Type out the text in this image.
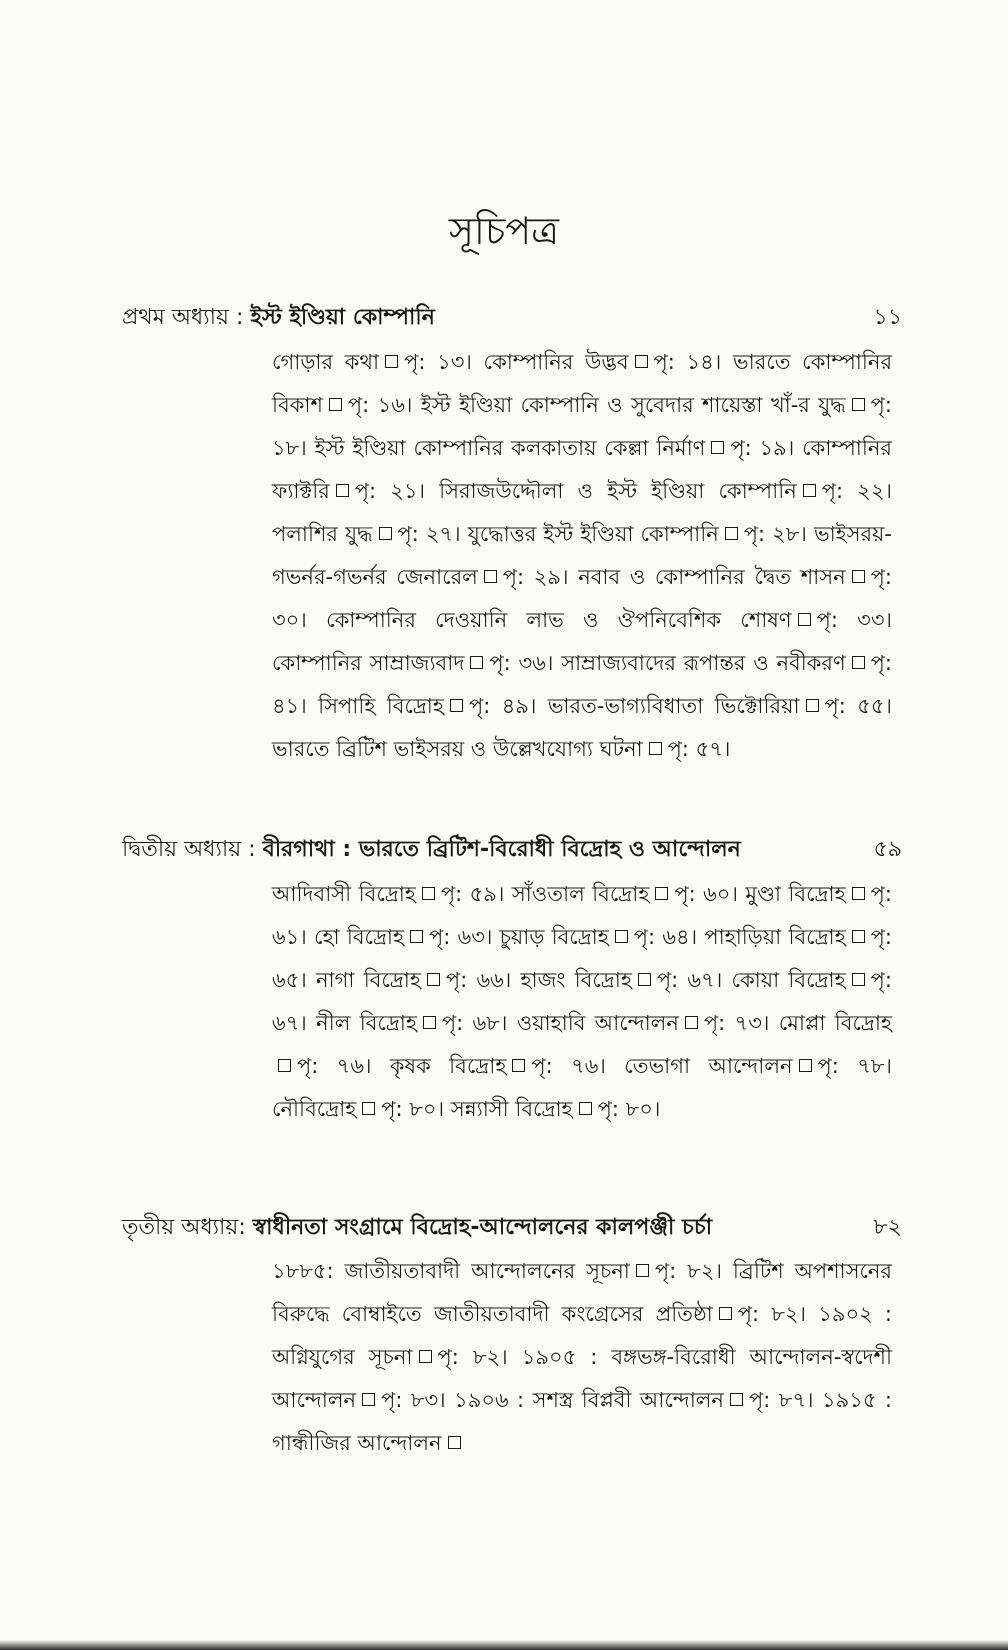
সূচিপত্র
প্রথম অধ্যায় : ইস্ট ইণ্ডিয়া কোম্পানি	১১
গোড়ার কথা পৃ: ১৩। কোম্পানির উদ্ভব পৃ: ১৪। ভারতে কোম্পানির বিকাশ পৃ: ১৬। ইস্ট ইণ্ডিয়া কোম্পানি ও সুবেদার শায়েস্তা খাঁ-র যুদ্ধ পৃ: ১৮। ইস্ট ইণ্ডিয়া কোম্পানির কলকাতায় কেল্লা নির্মাণ পৃ: ১৯। কোম্পানির ফ্যাক্টরি পৃ: ২১। সিরাজউদ্দৌলা ও ইস্ট ইণ্ডিয়া কোম্পানি পৃ: ২২। পলাশির যুদ্ধ পৃ: ২৭। যুদ্ধোত্তর ইস্ট ইণ্ডিয়া কোম্পানি পৃ: ২৮। ভাইসরয়-গভর্নর-গভর্নর জেনারেল পৃ: ২৯। নবাব ও কোম্পানির দ্বৈত শাসন পৃ: ৩০। কোম্পানির দেওয়ানি লাভ ও ঔপনিবেশিক শোষণ পৃ: ৩৩। কোম্পানির সাম্রাজ্যবাদ পৃ: ৩৬। সাম্রাজ্যবাদের রূপান্তর ও নবীকরণ পৃ: ৪১। সিপাহি বিদ্রোহ পৃ: ৪৯। ভারত-ভাগ্যবিধাতা ভিক্টোরিয়া পৃ: ৫৫। ভারতে ব্রিটিশ ভাইসরয় ও উল্লেখযোগ্য ঘটনা পৃ: ৫৭।
দ্বিতীয় অধ্যায় : বীরগাথা : ভারতে ব্রিটিশ-বিরোধী বিদ্রোহ ও আন্দোলন	৫৯
আদিবাসী বিদ্রোহ পৃ: ৫৯। সাঁওতাল বিদ্রোহ পৃ: ৬০। মুণ্ডা বিদ্রোহ পৃ: ৬১। হো বিদ্রোহ পৃ: ৬৩। চুয়াড় বিদ্রোহ পৃ: ৬৪। পাহাড়িয়া বিদ্রোহ পৃ: ৬৫। নাগা বিদ্রোহ পৃ: ৬৬। হাজং বিদ্রোহ পৃ: ৬৭। কোয়া বিদ্রোহ পৃ: ৬৭। নীল বিদ্রোহ পৃ: ৬৮। ওয়াহাবি আন্দোলন পৃ: ৭৩। মোপ্লা বিদ্রোহপৃ: ৭৬। কৃষক বিদ্রোহ পৃ: ৭৬। তেভাগা আন্দোলন পৃ: ৭৮। নৌবিদ্রোহ পৃ: ৮০। সন্ন্যাসী বিদ্রোহ পৃ: ৮০।
তৃতীয় অধ্যায়: স্বাধীনতা সংগ্রামে বিদ্রোহ-আন্দোলনের কালপঞ্জী চর্চা	৮২
১৮৮৫: জাতীয়তাবাদী আন্দোলনের সূচনা পৃ: ৮২। ব্রিটিশ অপশাসনের বিরুদ্ধে বোম্বাইতে জাতীয়তাবাদী কংগ্রেসের প্রতিষ্ঠা পৃ: ৮২। ১৯০২ : অগ্নিযুগের সূচনা পৃ: ৮২। ১৯০৫ : বঙ্গভঙ্গ-বিরোধী আন্দোলন-স্বদেশী আন্দোলন পৃ: ৮৩। ১৯০৬ : সশস্ত্র বিপ্লবী আন্দোলন পৃ: ৮৭। ১৯১৫ : গান্ধীজির আন্দোলন
